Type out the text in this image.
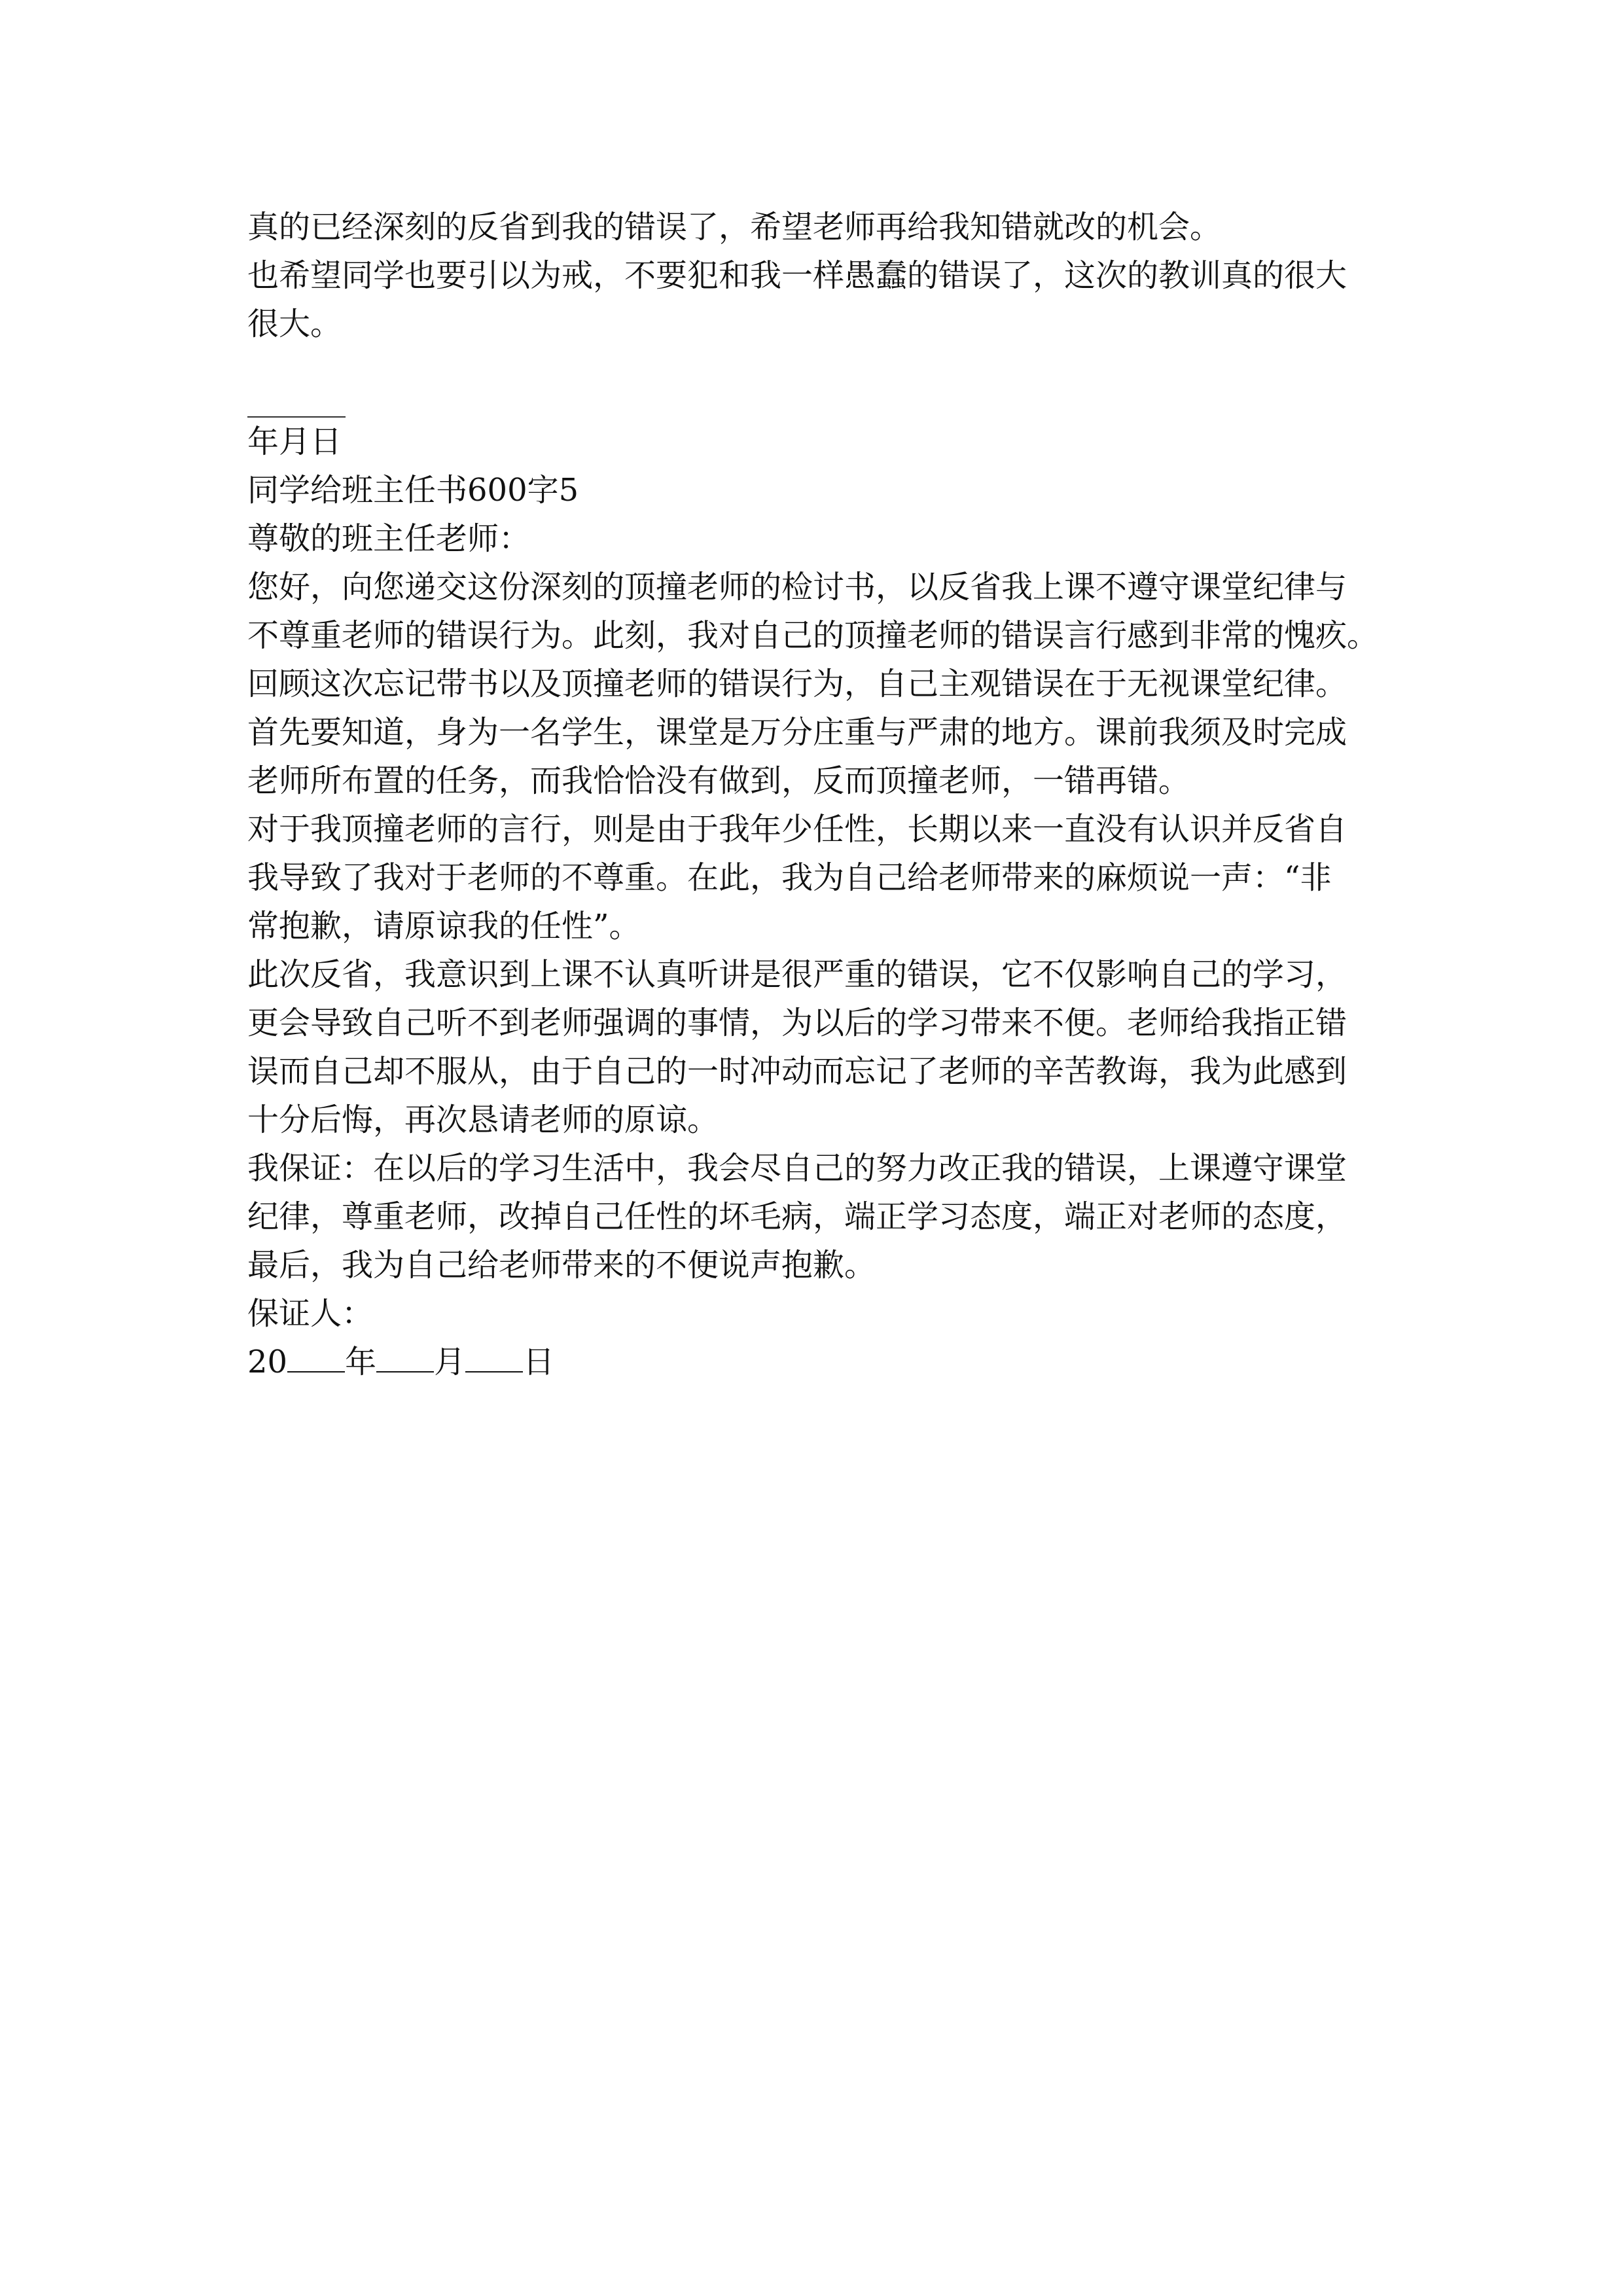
真的已经深刻的反省到我的错误了，希望老师再给我知错就改的机会。

也希望同学也要引以为戒，不要犯和我一样愚蠢的错误了，这次的教训真的很大

很大。

年月日

同学给班主任书600字5

尊敬的班主任老师：

您好，向您递交这份深刻的顶撞老师的检讨书，以反省我上课不遵守课堂纪律与

不尊重老师的错误行为。此刻，我对自己的顶撞老师的错误言行感到非常的愧疚。

回顾这次忘记带书以及顶撞老师的错误行为，自己主观错误在于无视课堂纪律。

首先要知道，身为一名学生，课堂是万分庄重与严肃的地方。课前我须及时完成

老师所布置的任务，而我恰恰没有做到，反而顶撞老师，一错再错。

对于我顶撞老师的言行，则是由于我年少任性，长期以来一直没有认识并反省自

我导致了我对于老师的不尊重。在此，我为自己给老师带来的麻烦说一声：“非

常抱歉，请原谅我的任性”。

此次反省，我意识到上课不认真听讲是很严重的错误，它不仅影响自己的学习，

更会导致自己听不到老师强调的事情，为以后的学习带来不便。老师给我指正错

误而自己却不服从，由于自己的一时冲动而忘记了老师的辛苦教诲，我为此感到

十分后悔，再次恳请老师的原谅。

我保证：在以后的学习生活中，我会尽自己的努力改正我的错误，上课遵守课堂

纪律，尊重老师，改掉自己任性的坏毛病，端正学习态度，端正对老师的态度，

最后，我为自己给老师带来的不便说声抱歉。

保证人：

20 年 月 日
